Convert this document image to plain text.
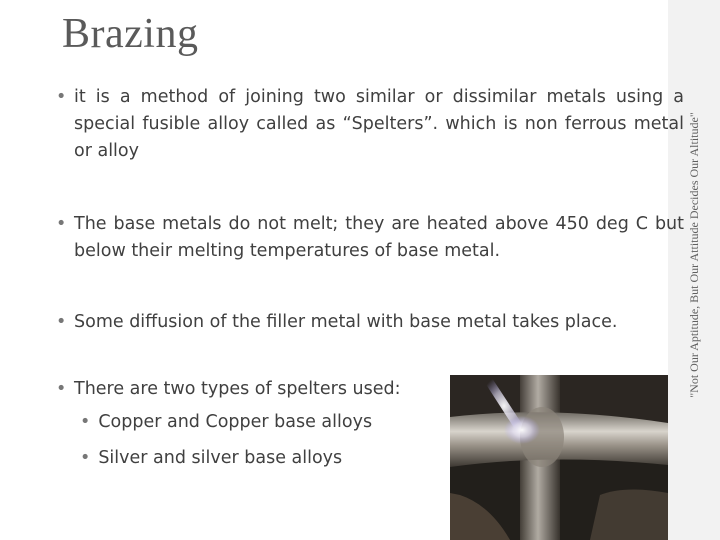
"Not Our Aptitude, But Our Attitude Decides Our Altitude"
Brazing
• it is a method of joining two similar or dissimilar metals using a special fusible alloy called as “Spelters”. which is non ferrous metal or alloy
• The base metals do not melt; they are heated above 450 deg C but below their melting temperatures of base metal.
• Some diffusion of the filler metal with base metal takes place.
• There are two types of spelters used:
• Copper and Copper base alloys
• Silver and silver base alloys
